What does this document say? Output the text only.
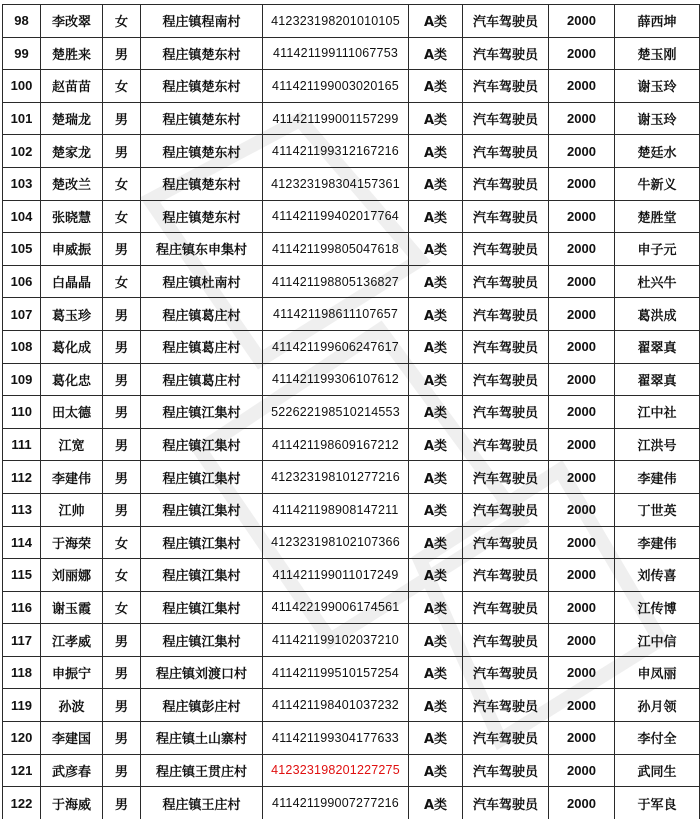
98	李改翠	女	程庄镇程南村	412323198201010105	A类	汽车驾驶员	2000	薛西坤
99	楚胜来	男	程庄镇楚东村	411421199111067753	A类	汽车驾驶员	2000	楚玉刚
100	赵苗苗	女	程庄镇楚东村	411421199003020165	A类	汽车驾驶员	2000	谢玉玲
101	楚瑞龙	男	程庄镇楚东村	411421199001157299	A类	汽车驾驶员	2000	谢玉玲
102	楚家龙	男	程庄镇楚东村	411421199312167216	A类	汽车驾驶员	2000	楚廷水
103	楚改兰	女	程庄镇楚东村	412323198304157361	A类	汽车驾驶员	2000	牛新义
104	张晓慧	女	程庄镇楚东村	411421199402017764	A类	汽车驾驶员	2000	楚胜堂
105	申威振	男	程庄镇东申集村	411421199805047618	A类	汽车驾驶员	2000	申子元
106	白晶晶	女	程庄镇杜南村	411421198805136827	A类	汽车驾驶员	2000	杜兴牛
107	葛玉珍	男	程庄镇葛庄村	411421198611107657	A类	汽车驾驶员	2000	葛洪成
108	葛化成	男	程庄镇葛庄村	411421199606247617	A类	汽车驾驶员	2000	翟翠真
109	葛化忠	男	程庄镇葛庄村	411421199306107612	A类	汽车驾驶员	2000	翟翠真
110	田太德	男	程庄镇江集村	522622198510214553	A类	汽车驾驶员	2000	江中社
111	江宽	男	程庄镇江集村	411421198609167212	A类	汽车驾驶员	2000	江洪号
112	李建伟	男	程庄镇江集村	412323198101277216	A类	汽车驾驶员	2000	李建伟
113	江帅	男	程庄镇江集村	411421198908147211	A类	汽车驾驶员	2000	丁世英
114	于海荣	女	程庄镇江集村	412323198102107366	A类	汽车驾驶员	2000	李建伟
115	刘丽娜	女	程庄镇江集村	411421199011017249	A类	汽车驾驶员	2000	刘传喜
116	谢玉霞	女	程庄镇江集村	411422199006174561	A类	汽车驾驶员	2000	江传博
117	江孝威	男	程庄镇江集村	411421199102037210	A类	汽车驾驶员	2000	江中信
118	申振宁	男	程庄镇刘渡口村	411421199510157254	A类	汽车驾驶员	2000	申凤丽
119	孙波	男	程庄镇彭庄村	411421198401037232	A类	汽车驾驶员	2000	孙月领
120	李建国	男	程庄镇土山寨村	411421199304177633	A类	汽车驾驶员	2000	李付全
121	武彦春	男	程庄镇王贯庄村	412323198201227275	A类	汽车驾驶员	2000	武同生
122	于海威	男	程庄镇王庄村	411421199007277216	A类	汽车驾驶员	2000	于军良
